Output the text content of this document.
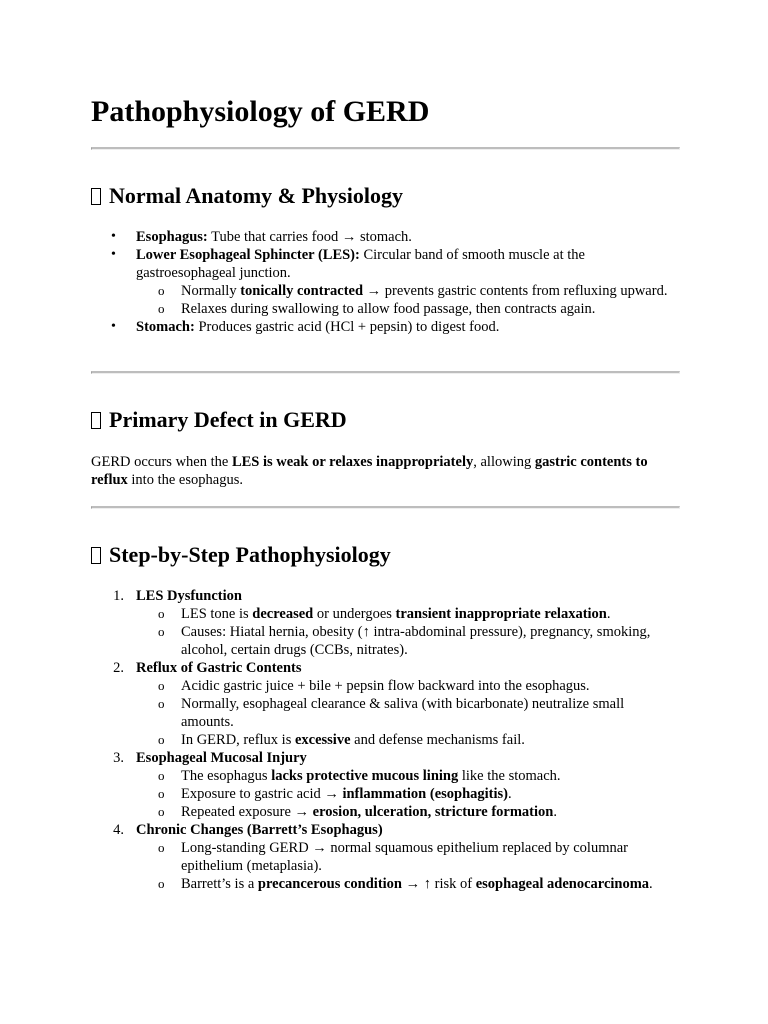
Pathophysiology of GERD
Normal Anatomy & Physiology
• Esophagus: Tube that carries food → stomach.
• Lower Esophageal Sphincter (LES): Circular band of smooth muscle at the gastroesophageal junction.
o Normally tonically contracted → prevents gastric contents from refluxing upward.
o Relaxes during swallowing to allow food passage, then contracts again.
• Stomach: Produces gastric acid (HCl + pepsin) to digest food.
Primary Defect in GERD

GERD occurs when the LES is weak or relaxes inappropriately, allowing gastric contents to reflux into the esophagus.

Step-by-Step Pathophysiology
1. LES Dysfunction
o LES tone is decreased or undergoes transient inappropriate relaxation.
o Causes: Hiatal hernia, obesity (↑ intra-abdominal pressure), pregnancy, smoking, alcohol, certain drugs (CCBs, nitrates).
2. Reflux of Gastric Contents
o Acidic gastric juice + bile + pepsin flow backward into the esophagus.
o Normally, esophageal clearance & saliva (with bicarbonate) neutralize small amounts.
o In GERD, reflux is excessive and defense mechanisms fail.
3. Esophageal Mucosal Injury
o The esophagus lacks protective mucous lining like the stomach.
o Exposure to gastric acid → inflammation (esophagitis).
o Repeated exposure → erosion, ulceration, stricture formation.
4. Chronic Changes (Barrett’s Esophagus)
o Long-standing GERD → normal squamous epithelium replaced by columnar epithelium (metaplasia).
o Barrett’s is a precancerous condition → ↑ risk of esophageal adenocarcinoma.
